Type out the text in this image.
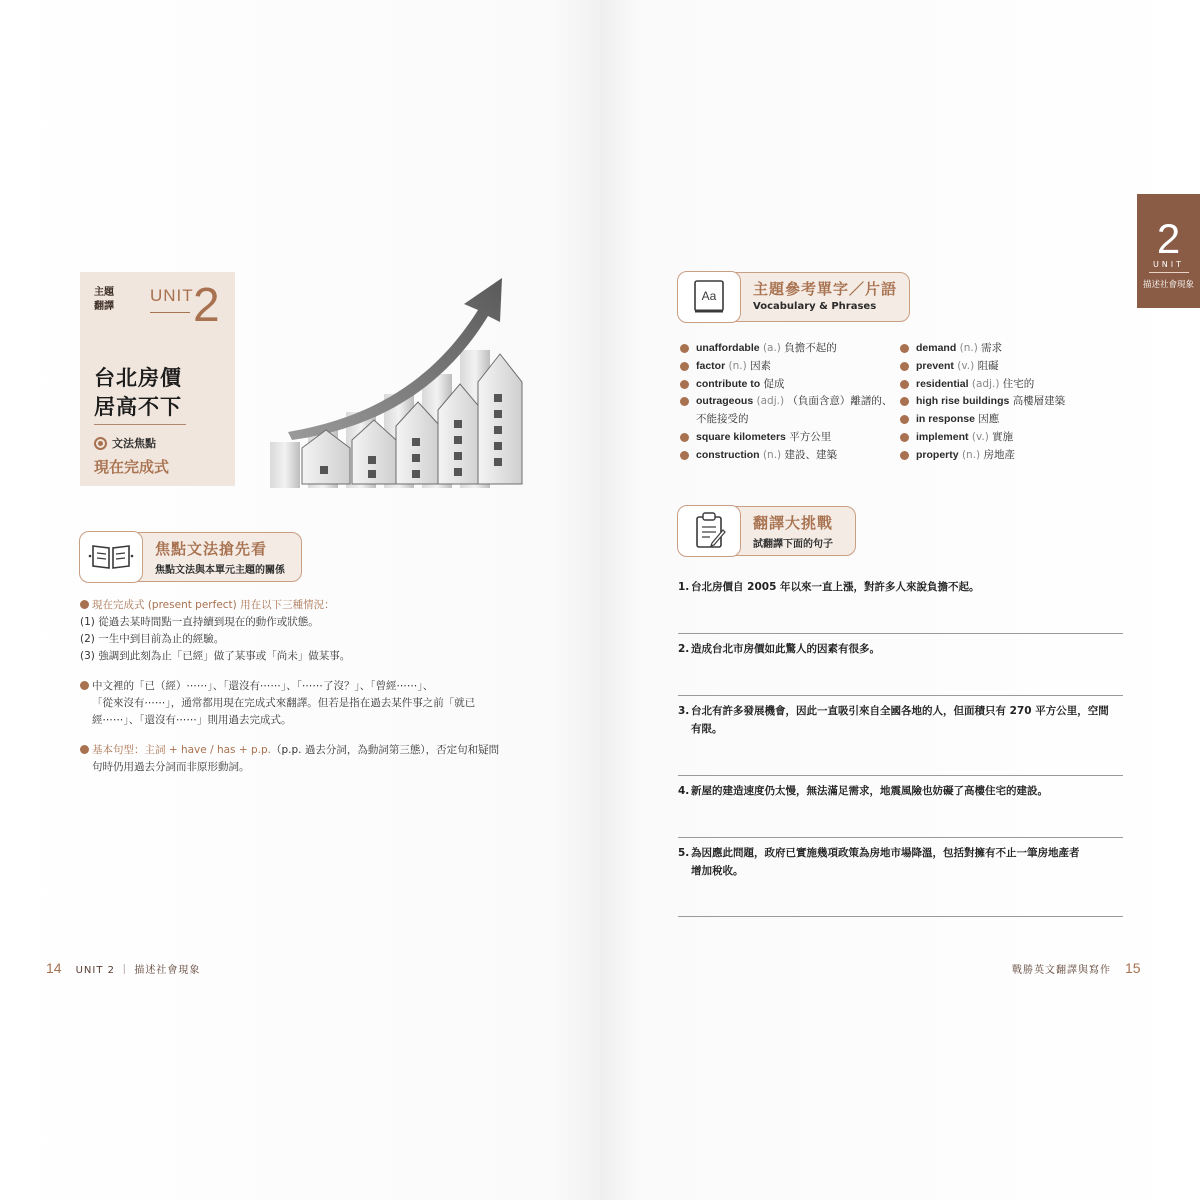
主題翻譯
UNIT 2
台北房價
居高不下
文法焦點
現在完成式
焦點文法搶先看
焦點文法與本單元主題的關係
現在完成式 (present perfect) 用在以下三種情況：
(1) 從過去某時間點一直持續到現在的動作或狀態。
(2) 一生中到目前為止的經驗。
(3) 強調到此刻為止「已經」做了某事或「尚未」做某事。
中文裡的「已（經）⋯⋯」、「還沒有⋯⋯」、「⋯⋯了沒？」、「曾經⋯⋯」、
「從來沒有⋯⋯」，通常都用現在完成式來翻譯。但若是指在過去某件事之前「就已
經⋯⋯」、「還沒有⋯⋯」則用過去完成式。
基本句型：主詞 + have / has + p.p.（p.p. 過去分詞，為動詞第三態），否定句和疑問
句時仍用過去分詞而非原形動詞。
14 UNIT 2 ｜ 描述社會現象
2
UNIT
描述社會現象
Aa 主題參考單字／片語
Vocabulary & Phrases
unaffordable (a.) 負擔不起的
factor (n.) 因素
contribute to 促成
outrageous (adj.) （負面含意）離譜的、
不能接受的
square kilometers 平方公里
construction (n.) 建設、建築
demand (n.) 需求
prevent (v.) 阻礙
residential (adj.) 住宅的
high rise buildings 高樓層建築
in response 因應
implement (v.) 實施
property (n.) 房地產
翻譯大挑戰
試翻譯下面的句子
1. 台北房價自 2005 年以來一直上漲，對許多人來說負擔不起。
2. 造成台北市房價如此驚人的因素有很多。
3. 台北有許多發展機會，因此一直吸引來自全國各地的人，但面積只有 270 平方公里，空間
有限。
4. 新屋的建造速度仍太慢，無法滿足需求，地震風險也妨礙了高樓住宅的建設。
5. 為因應此問題，政府已實施幾項政策為房地市場降溫，包括對擁有不止一筆房地產者
增加稅收。
戰勝英文翻譯與寫作 15
